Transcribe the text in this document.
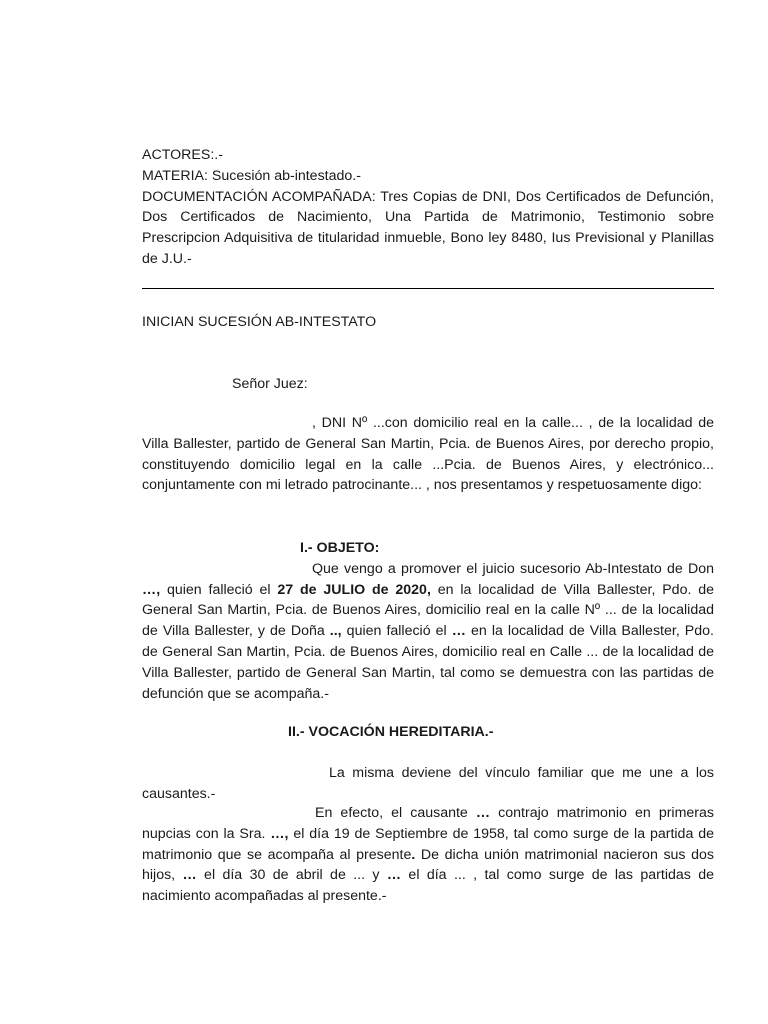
ACTORES:.-

MATERIA: Sucesión ab-intestado.-

DOCUMENTACIÓN ACOMPAÑADA: Tres Copias de DNI, Dos Certificados de Defunción, Dos Certificados de Nacimiento, Una Partida de Matrimonio, Testimonio sobre Prescripcion Adquisitiva de titularidad inmueble, Bono ley 8480, Ius Previsional y Planillas de J.U.-

INICIAN SUCESIÓN AB-INTESTATO

Señor Juez:

, DNI Nº ...con domicilio real en la calle... , de la localidad de Villa Ballester, partido de General San Martin, Pcia. de Buenos Aires, por derecho propio, constituyendo domicilio legal en la calle ...Pcia. de Buenos Aires, y electrónico... conjuntamente con mi letrado patrocinante... , nos presentamos y respetuosamente digo:

I.- OBJETO:

Que vengo a promover el juicio sucesorio Ab-Intestato de Don …, quien falleció el 27 de JULIO de 2020, en la localidad de Villa Ballester, Pdo. de General San Martin, Pcia. de Buenos Aires, domicilio real en la calle Nº ... de la localidad de Villa Ballester, y de Doña .., quien falleció el … en la localidad de Villa Ballester, Pdo. de General San Martin, Pcia. de Buenos Aires, domicilio real en Calle ... de la localidad de Villa Ballester, partido de General San Martin, tal como se demuestra con las partidas de defunción que se acompaña.-

II.- VOCACIÓN HEREDITARIA.-

La misma deviene del vínculo familiar que me une a los causantes.-

En efecto, el causante … contrajo matrimonio en primeras nupcias con la Sra. …, el día 19 de Septiembre de 1958, tal como surge de la partida de matrimonio que se acompaña al presente. De dicha unión matrimonial nacieron sus dos hijos, … el día 30 de abril de ... y … el día ... , tal como surge de las partidas de nacimiento acompañadas al presente.-
